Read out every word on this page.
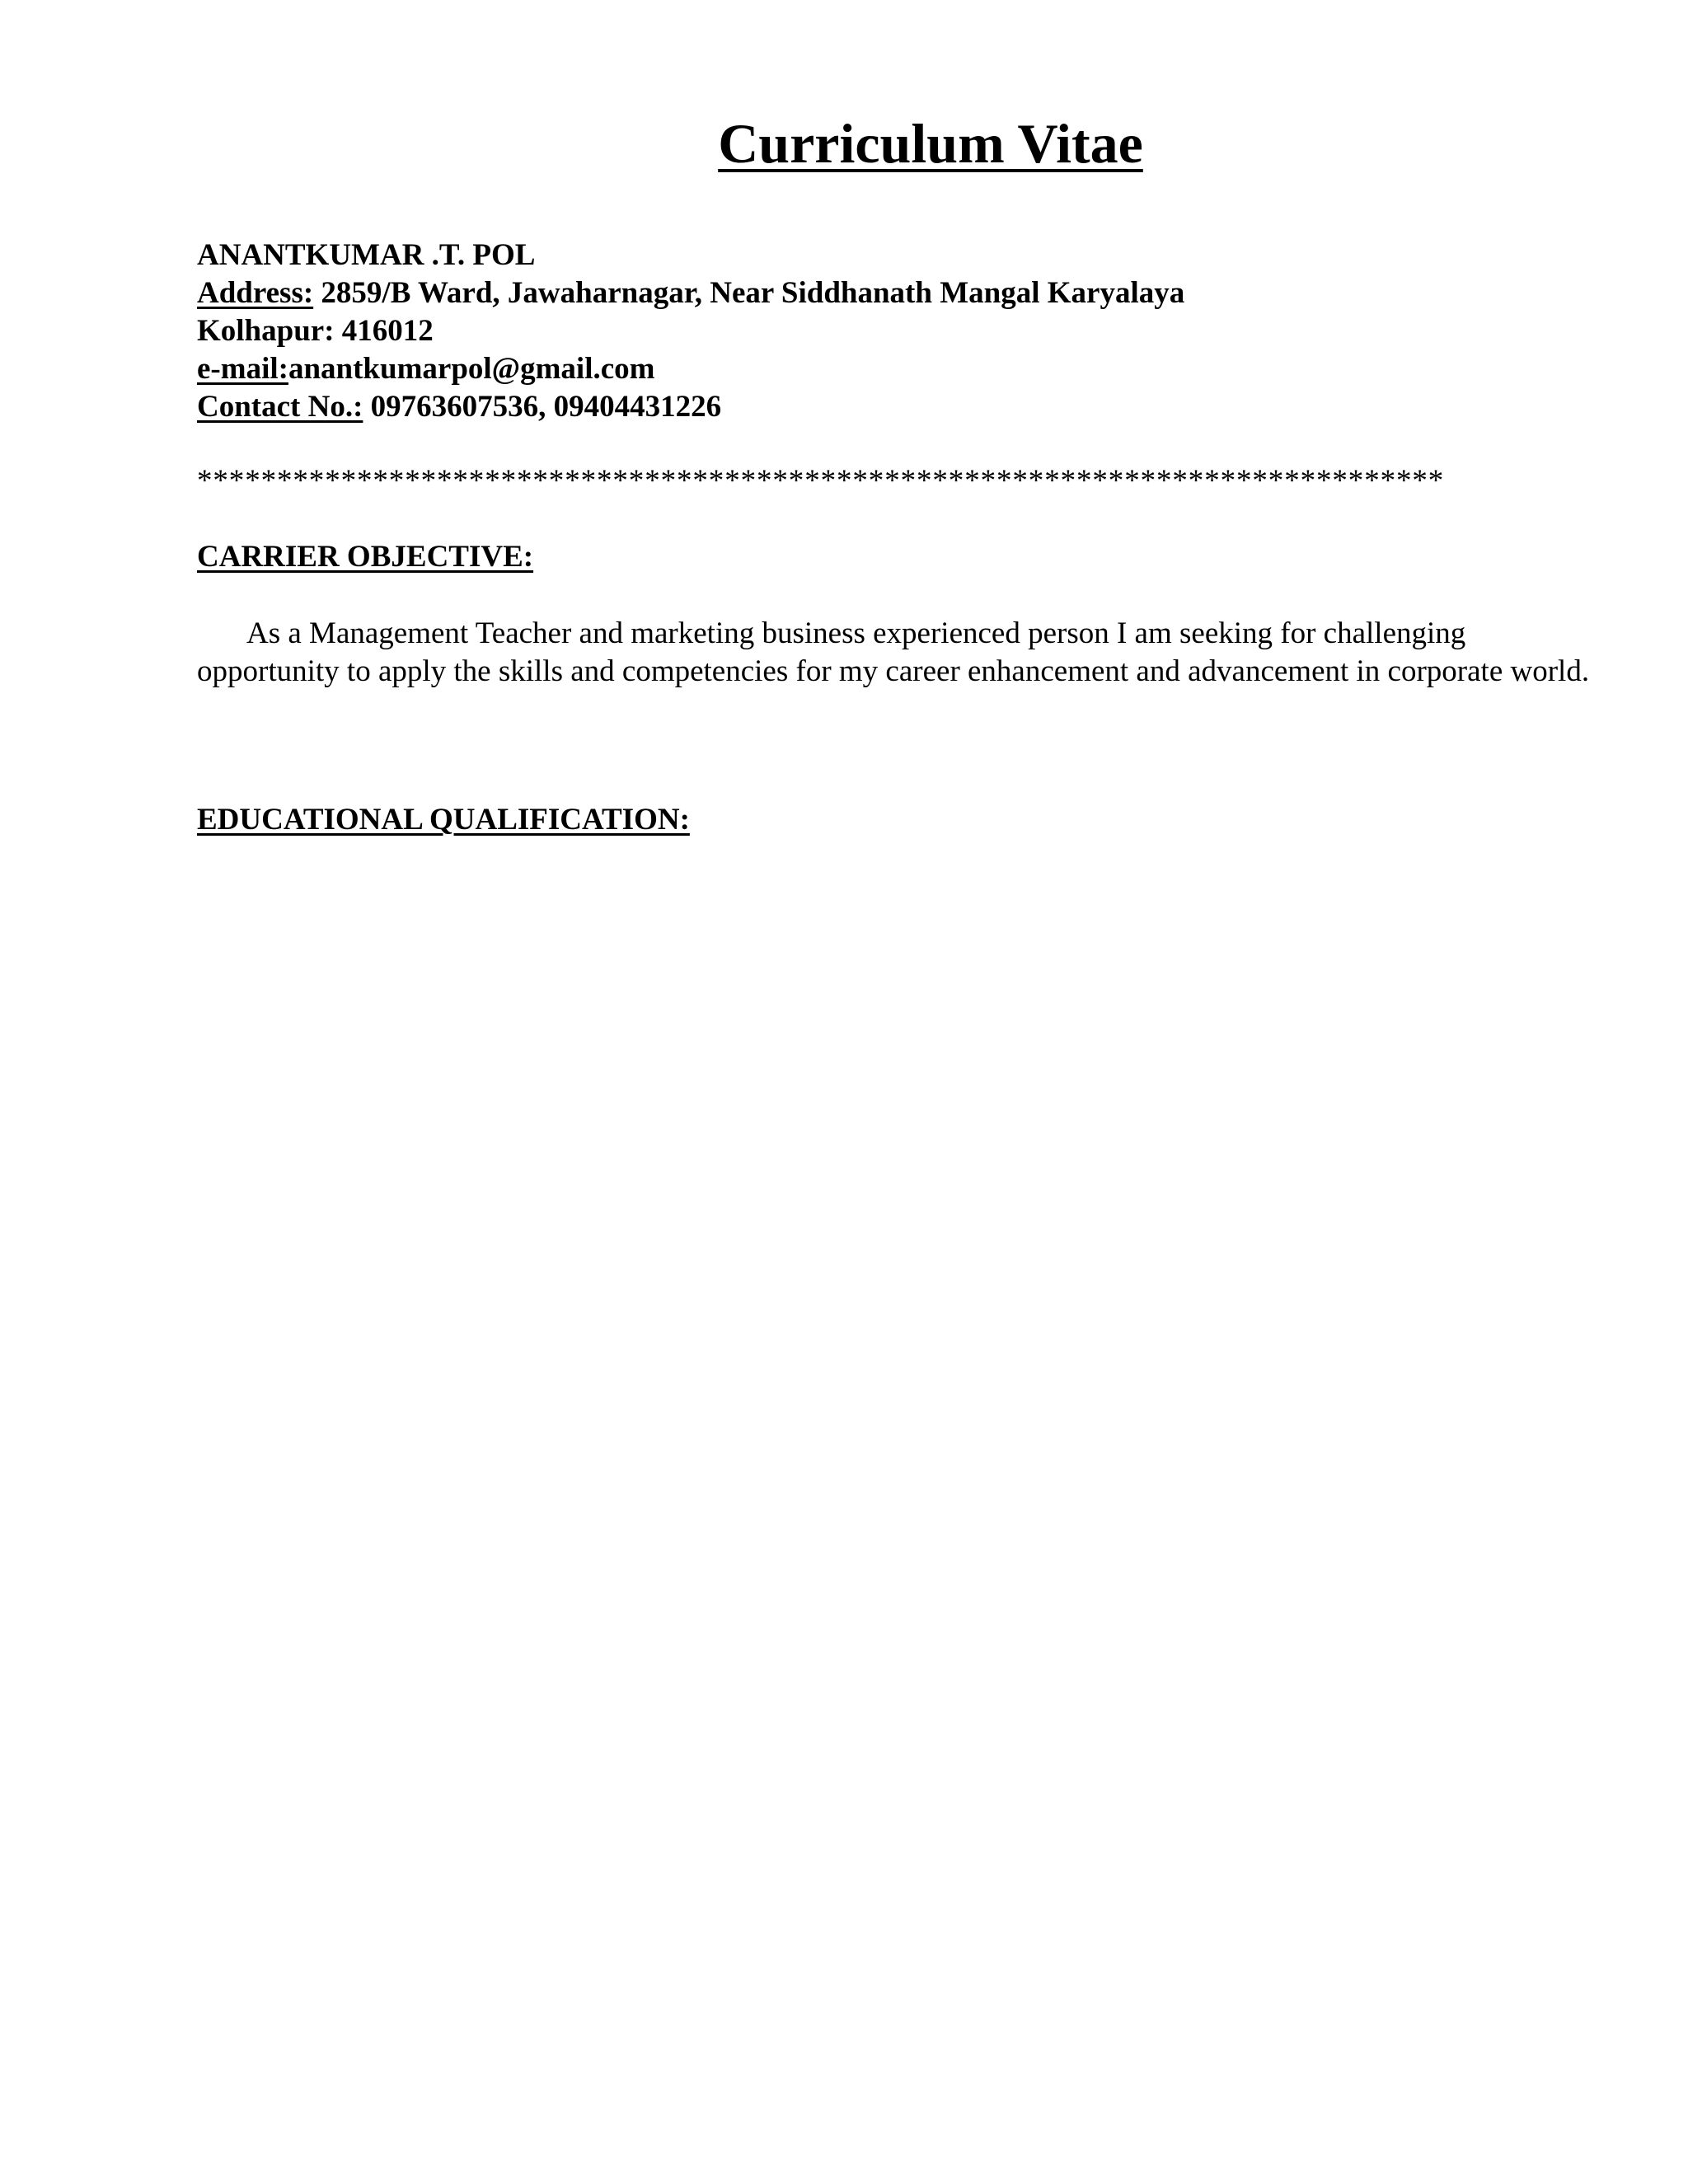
Curriculum Vitae
ANANTKUMAR .T. POL
Address: 2859/B Ward, Jawaharnagar, Near Siddhanath Mangal Karyalaya
Kolhapur: 416012
e-mail:anantkumarpol@gmail.com
Contact No.: 09763607536, 09404431226
******************************************************************************
CARRIER OBJECTIVE:
As a Management Teacher and marketing business experienced person I am seeking for challenging opportunity to apply the skills and competencies for my career enhancement and advancement in corporate world.
EDUCATIONAL QUALIFICATION:
